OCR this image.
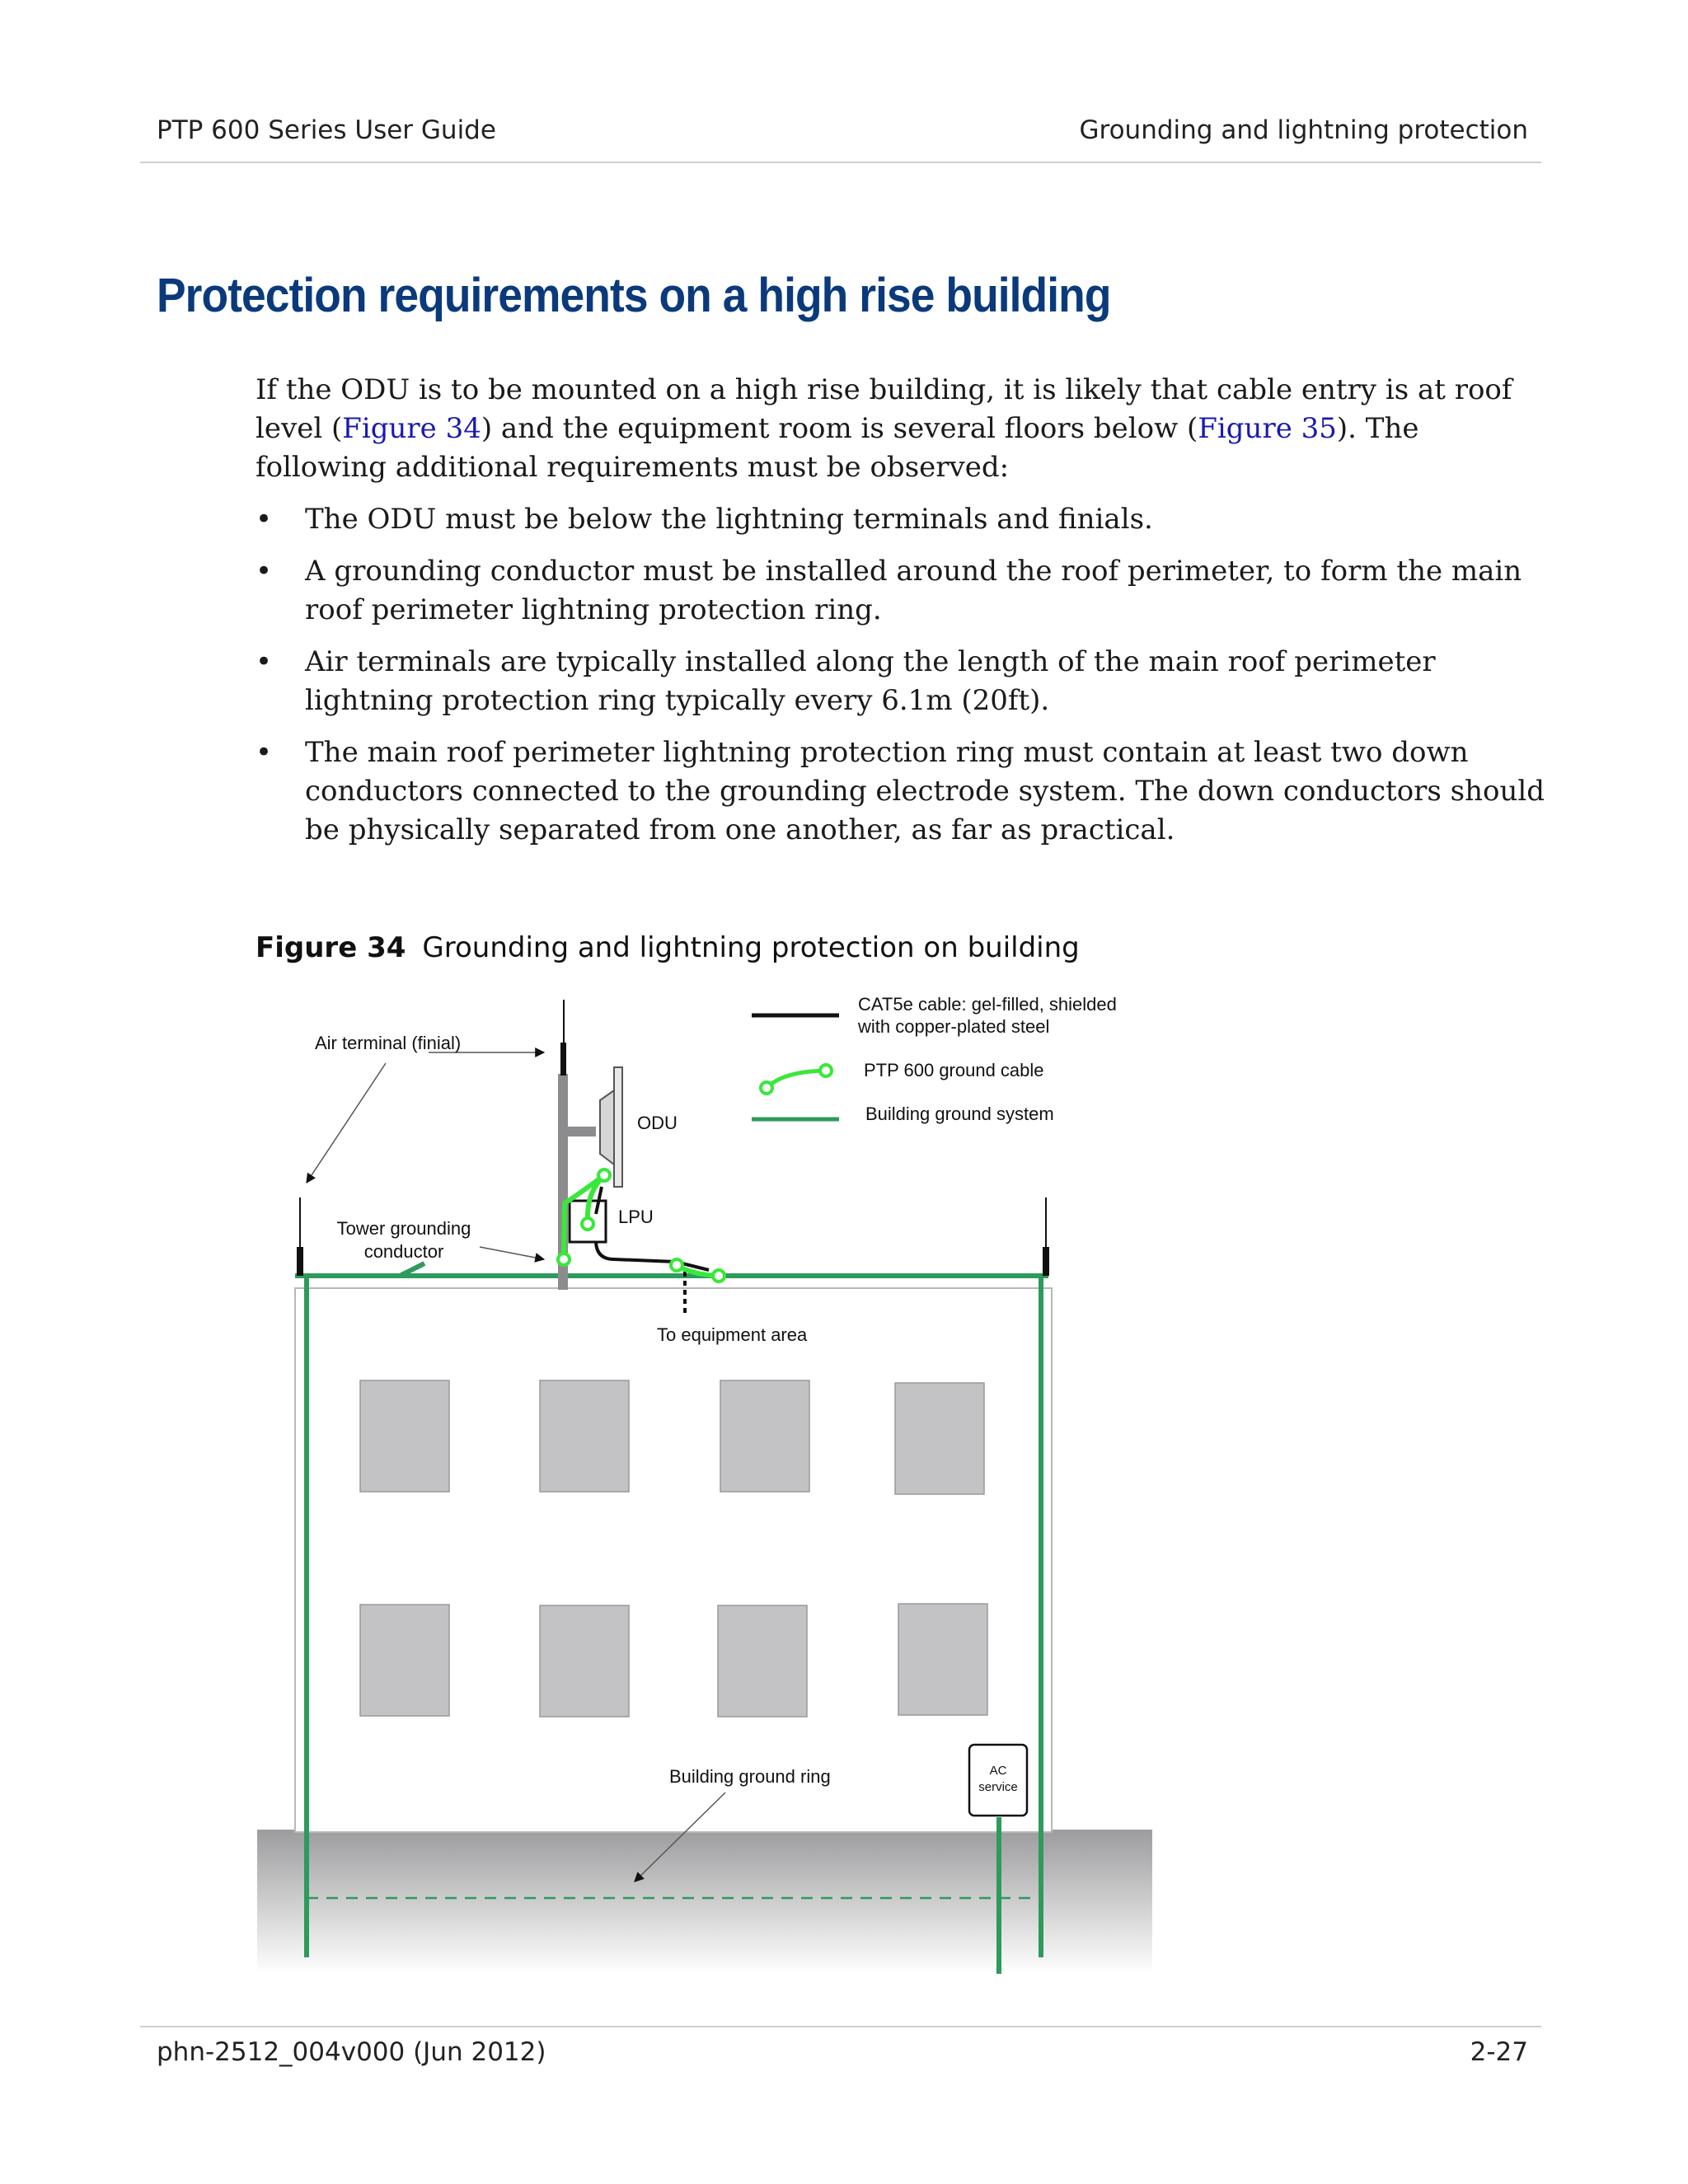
PTP 600 Series User Guide	Grounding and lightning protection
Protection requirements on a high rise building

If the ODU is to be mounted on a high rise building, it is likely that cable entry is at roof level (Figure 34) and the equipment room is several floors below (Figure 35). The following additional requirements must be observed:

• The ODU must be below the lightning terminals and finials.
• A grounding conductor must be installed around the roof perimeter, to form the main roof perimeter lightning protection ring.
• Air terminals are typically installed along the length of the main roof perimeter lightning protection ring typically every 6.1m (20ft).
• The main roof perimeter lightning protection ring must contain at least two down conductors connected to the grounding electrode system. The down conductors should be physically separated from one another, as far as practical.
Figure 34 Grounding and lightning protection on building
AC
service
Air terminal (finial)
ODU
LPU
Tower grounding
conductor
To equipment area
Building ground ring
CAT5e cable: gel-filled, shielded
with copper-plated steel
PTP 600 ground cable
Building ground system
phn-2512_004v000 (Jun 2012)	2-27
